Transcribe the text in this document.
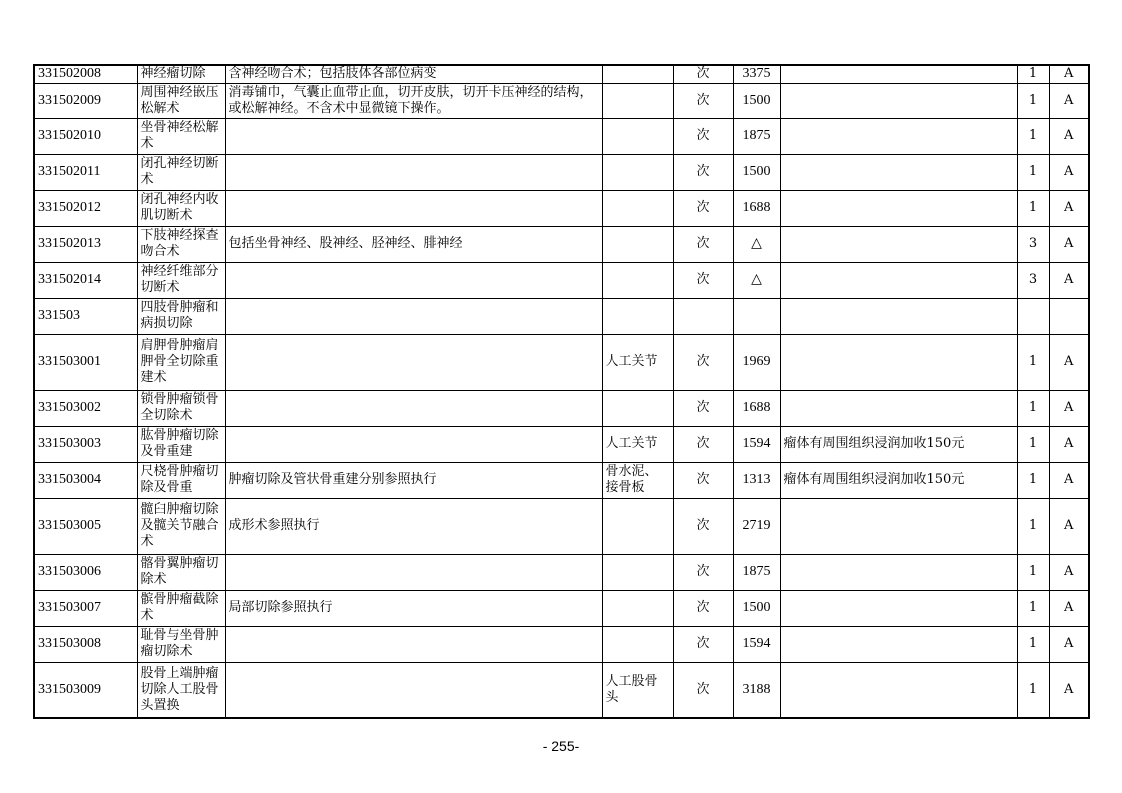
331502008	神经瘤切除	含神经吻合术；包括肢体各部位病变		次	3375		1	A
331502009	周围神经嵌压松解术	消毒铺巾，气囊止血带止血，切开皮肤，切开卡压神经的结构，或松解神经。不含术中显微镜下操作。		次	1500		1	A
331502010	坐骨神经松解术			次	1875		1	A
331502011	闭孔神经切断术			次	1500		1	A
331502012	闭孔神经内收肌切断术			次	1688		1	A
331502013	下肢神经探查吻合术	包括坐骨神经、股神经、胫神经、腓神经		次	△		3	A
331502014	神经纤维部分切断术			次	△		3	A
331503	四肢骨肿瘤和病损切除							
331503001	肩胛骨肿瘤肩胛骨全切除重建术		人工关节	次	1969		1	A
331503002	锁骨肿瘤锁骨全切除术			次	1688		1	A
331503003	肱骨肿瘤切除及骨重建		人工关节	次	1594	瘤体有周围组织浸润加收150元	1	A
331503004	尺桡骨肿瘤切除及骨重	肿瘤切除及管状骨重建分别参照执行	骨水泥、接骨板	次	1313	瘤体有周围组织浸润加收150元	1	A
331503005	髋臼肿瘤切除及髋关节融合术	成形术参照执行		次	2719		1	A
331503006	髂骨翼肿瘤切除术			次	1875		1	A
331503007	髌骨肿瘤截除术	局部切除参照执行		次	1500		1	A
331503008	耻骨与坐骨肿瘤切除术			次	1594		1	A
331503009	股骨上端肿瘤切除人工股骨头置换		人工股骨头	次	3188		1	A
- 255-
